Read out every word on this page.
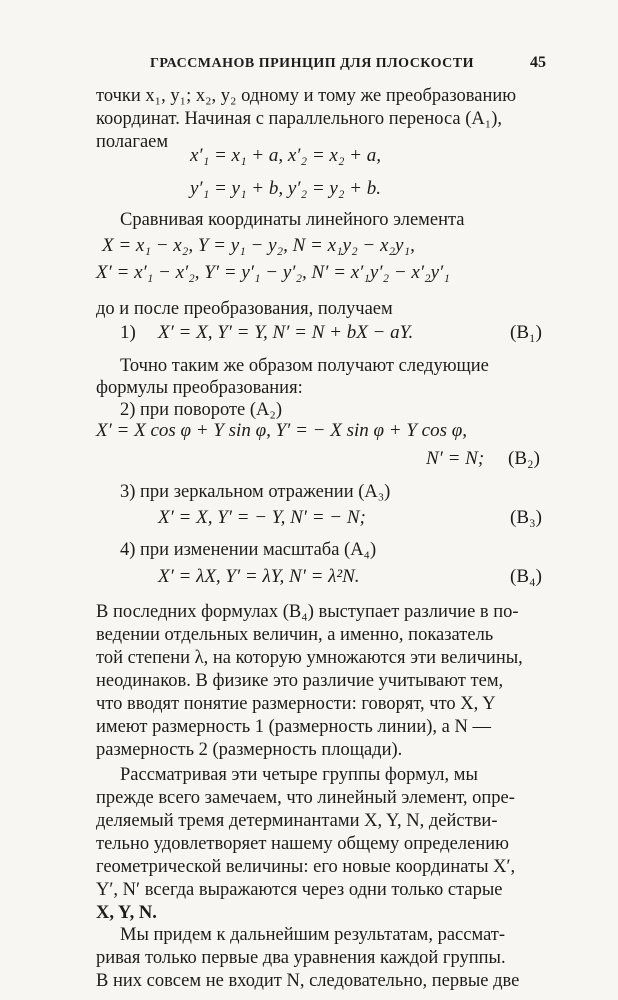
ГРАССМАНОВ ПРИНЦИП ДЛЯ ПЛОСКОСТИ	45
точки x₁, y₁; x₂, y₂ одному и тому же преобразованию
координат. Начиная с параллельного переноса (A₁),
полагаем
x′₁ = x₁ + a, x′₂ = x₂ + a,
y′₁ = y₁ + b, y′₂ = y₂ + b.
Сравнивая координаты линейного элемента
X = x₁ − x₂, Y = y₁ − y₂, N = x₁y₂ − x₂y₁,
X′ = x′₁ − x′₂, Y′ = y′₁ − y′₂, N′ = x′₁y′₂ − x′₂y′₁
до и после преобразования, получаем
1) X′ = X, Y′ = Y, N′ = N + bX − aY.	(B₁)
Точно таким же образом получают следующие
формулы преобразования:
2) при повороте (A₂)
X′ = X cos φ + Y sin φ, Y′ = − X sin φ + Y cos φ,
N′ = N; (B₂)
3) при зеркальном отражении (A₃)
X′ = X, Y′ = − Y, N′ = − N;	(B₃)
4) при изменении масштаба (A₄)
X′ = λX, Y′ = λY, N′ = λ²N.	(B₄)
В последних формулах (B₄) выступает различие в по-
ведении отдельных величин, а именно, показатель
той степени λ, на которую умножаются эти величины,
неодинаков. В физике это различие учитывают тем,
что вводят понятие размерности: говорят, что X, Y
имеют размерность 1 (размерность линии), а N —
размерность 2 (размерность площади).
Рассматривая эти четыре группы формул, мы
прежде всего замечаем, что линейный элемент, опре-
деляемый тремя детерминантами X, Y, N, действи-
тельно удовлетворяет нашему общему определению
геометрической величины: его новые координаты X′,
Y′, N′ всегда выражаются через одни только старые
X, Y, N.
Мы придем к дальнейшим результатам, рассмат-
ривая только первые два уравнения каждой группы.
В них совсем не входит N, следовательно, первые две
